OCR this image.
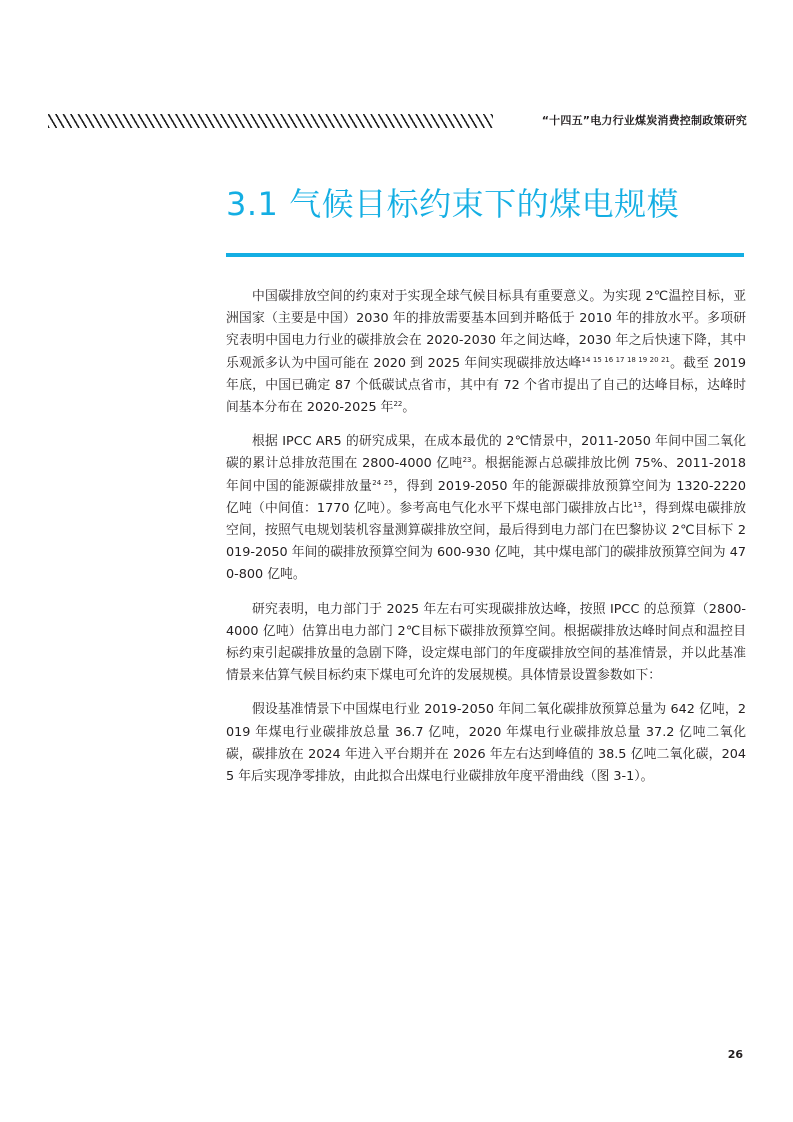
“十四五”电力行业煤炭消费控制政策研究
3.1 气候目标约束下的煤电规模

中国碳排放空间的约束对于实现全球气候目标具有重要意义。为实现 2℃温控目标，亚洲国家（主要是中国）2030 年的排放需要基本回到并略低于 2010 年的排放水平。多项研究表明中国电力行业的碳排放会在 2020-2030 年之间达峰，2030 年之后快速下降，其中乐观派多认为中国可能在 2020 到 2025 年间实现碳排放达峰$^{14 15 16 17 18 19 20 21}$。截至 2019 年底，中国已确定 87 个低碳试点省市，其中有 72 个省市提出了自己的达峰目标，达峰时间基本分布在 2020-2025 年$^{22}$。

根据 IPCC AR5 的研究成果，在成本最优的 2℃情景中，2011-2050 年间中国二氧化碳的累计总排放范围在 2800-4000 亿吨$^{23}$。根据能源占总碳排放比例 75%、2011-2018 年间中国的能源碳排放量$^{24 25}$，得到 2019-2050 年的能源碳排放预算空间为 1320-2220 亿吨（中间值：1770 亿吨）。参考高电气化水平下煤电部门碳排放占比$^{13}$，得到煤电碳排放空间，按照气电规划装机容量测算碳排放空间，最后得到电力部门在巴黎协议 2℃目标下 2019-2050 年间的碳排放预算空间为 600-930 亿吨，其中煤电部门的碳排放预算空间为 470-800 亿吨。

研究表明，电力部门于 2025 年左右可实现碳排放达峰，按照 IPCC 的总预算（2800-4000 亿吨）估算出电力部门 2℃目标下碳排放预算空间。根据碳排放达峰时间点和温控目标约束引起碳排放量的急剧下降，设定煤电部门的年度碳排放空间的基准情景，并以此基准情景来估算气候目标约束下煤电可允许的发展规模。具体情景设置参数如下：

假设基准情景下中国煤电行业 2019-2050 年间二氧化碳排放预算总量为 642 亿吨，2019 年煤电行业碳排放总量 36.7 亿吨，2020 年煤电行业碳排放总量 37.2 亿吨二氧化碳，碳排放在 2024 年进入平台期并在 2026 年左右达到峰值的 38.5 亿吨二氧化碳，2045 年后实现净零排放，由此拟合出煤电行业碳排放年度平滑曲线（图 3-1）。

26
